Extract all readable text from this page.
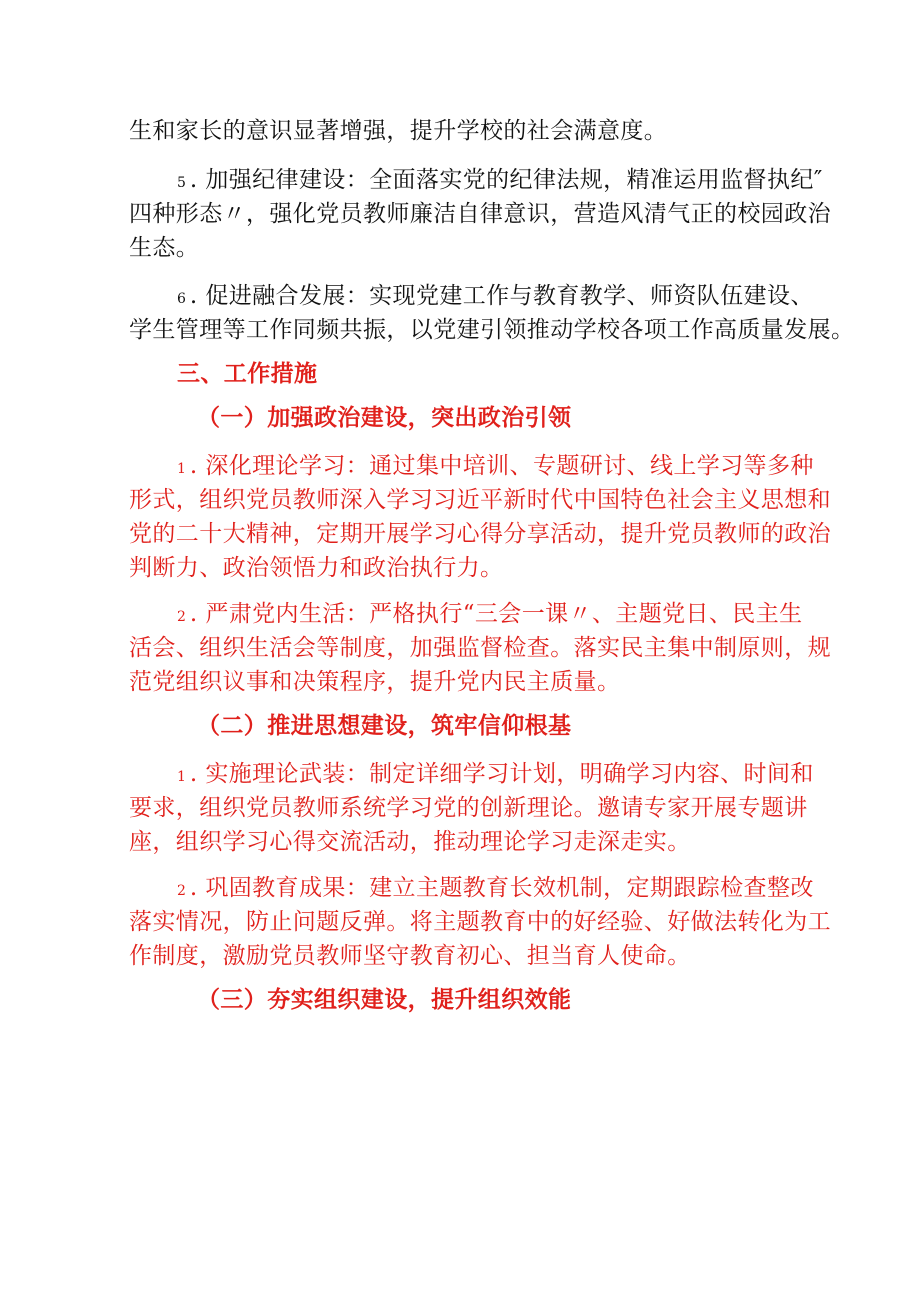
生和家长的意识显著增强，提升学校的社会满意度。
5 . 加强纪律建设：全面落实党的纪律法规，精准运用监督执纪″
四种形态〃，强化党员教师廉洁自律意识，营造风清气正的校园政治
生态。
6 . 促进融合发展：实现党建工作与教育教学、师资队伍建设、
学生管理等工作同频共振，以党建引领推动学校各项工作高质量发展。
三、工作措施
（一）加强政治建设，突出政治引领
1 . 深化理论学习：通过集中培训、专题研讨、线上学习等多种
形式，组织党员教师深入学习习近平新时代中国特色社会主义思想和
党的二十大精神，定期开展学习心得分享活动，提升党员教师的政治
判断力、政治领悟力和政治执行力。
2 . 严肃党内生活：严格执行“三会一课〃、主题党日、民主生
活会、组织生活会等制度，加强监督检查。落实民主集中制原则，规
范党组织议事和决策程序，提升党内民主质量。
（二）推进思想建设，筑牢信仰根基
1 . 实施理论武装：制定详细学习计划，明确学习内容、时间和
要求，组织党员教师系统学习党的创新理论。邀请专家开展专题讲
座，组织学习心得交流活动，推动理论学习走深走实。
2 . 巩固教育成果：建立主题教育长效机制，定期跟踪检查整改
落实情况，防止问题反弹。将主题教育中的好经验、好做法转化为工
作制度，激励党员教师坚守教育初心、担当育人使命。
（三）夯实组织建设，提升组织效能
